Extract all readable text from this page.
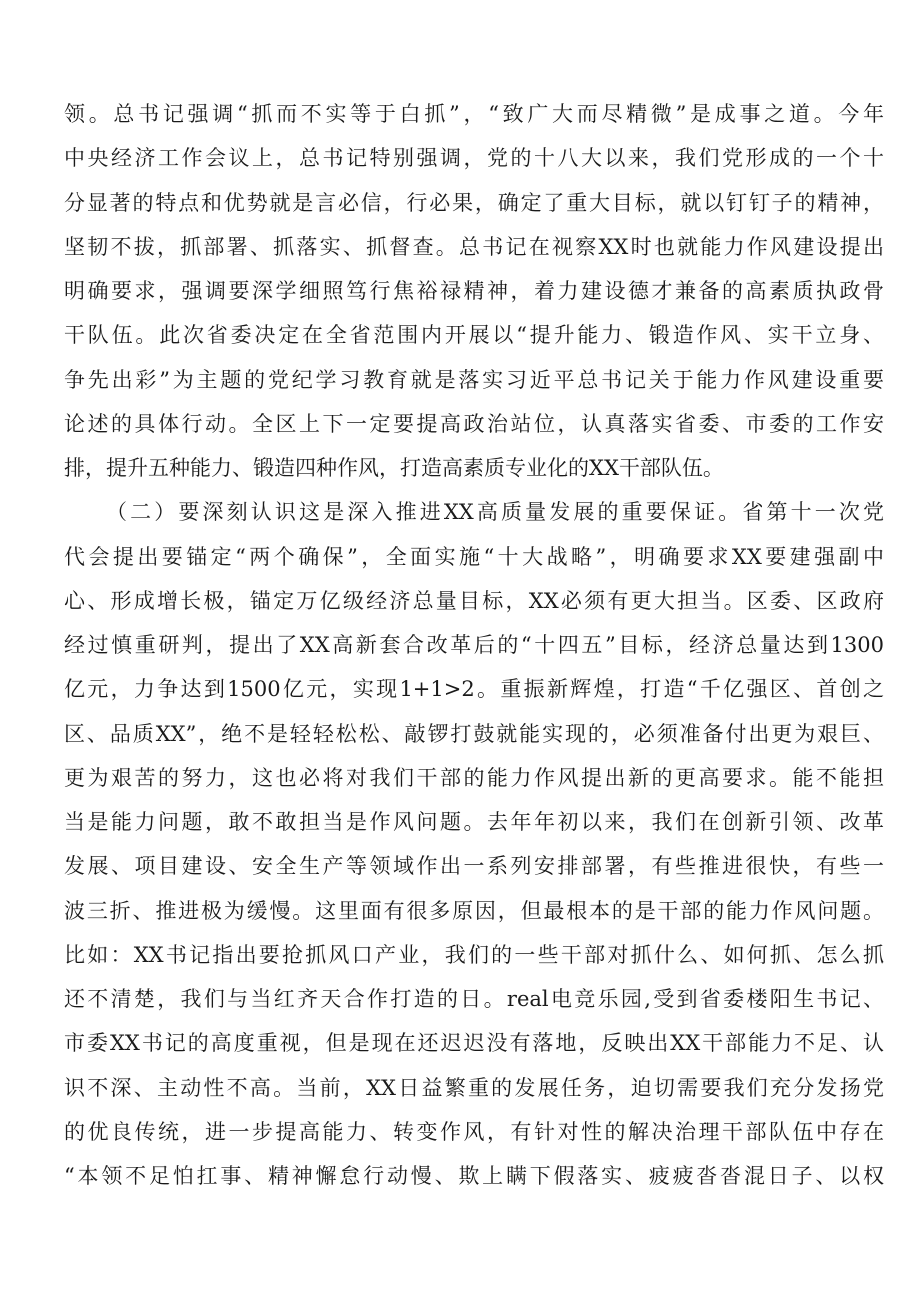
领。总书记强调“抓而不实等于白抓”，“致广大而尽精微”是成事之道。今年
中央经济工作会议上，总书记特别强调，党的十八大以来，我们党形成的一个十
分显著的特点和优势就是言必信，行必果，确定了重大目标，就以钉钉子的精神，
坚韧不拔，抓部署、抓落实、抓督查。总书记在视察XX时也就能力作风建设提出
明确要求，强调要深学细照笃行焦裕禄精神，着力建设德才兼备的高素质执政骨
干队伍。此次省委决定在全省范围内开展以“提升能力、锻造作风、实干立身、
争先出彩”为主题的党纪学习教育就是落实习近平总书记关于能力作风建设重要
论述的具体行动。全区上下一定要提高政治站位，认真落实省委、市委的工作安
排，提升五种能力、锻造四种作风，打造高素质专业化的XX干部队伍。
（二）要深刻认识这是深入推进XX高质量发展的重要保证。省第十一次党
代会提出要锚定“两个确保”，全面实施“十大战略”，明确要求XX要建强副中
心、形成增长极，锚定万亿级经济总量目标，XX必须有更大担当。区委、区政府
经过慎重研判，提出了XX高新套合改革后的“十四五”目标，经济总量达到1300
亿元，力争达到1500亿元，实现1+1>2。重振新辉煌，打造“千亿强区、首创之
区、品质XX”，绝不是轻轻松松、敲锣打鼓就能实现的，必须准备付出更为艰巨、
更为艰苦的努力，这也必将对我们干部的能力作风提出新的更高要求。能不能担
当是能力问题，敢不敢担当是作风问题。去年年初以来，我们在创新引领、改革
发展、项目建设、安全生产等领域作出一系列安排部署，有些推进很快，有些一
波三折、推进极为缓慢。这里面有很多原因，但最根本的是干部的能力作风问题。
比如：XX书记指出要抢抓风口产业，我们的一些干部对抓什么、如何抓、怎么抓
还不清楚，我们与当红齐天合作打造的日。real电竞乐园,受到省委楼阳生书记、
市委XX书记的高度重视，但是现在还迟迟没有落地，反映出XX干部能力不足、认
识不深、主动性不高。当前，XX日益繁重的发展任务，迫切需要我们充分发扬党
的优良传统，进一步提高能力、转变作风，有针对性的解决治理干部队伍中存在
“本领不足怕扛事、精神懈怠行动慢、欺上瞒下假落实、疲疲沓沓混日子、以权
